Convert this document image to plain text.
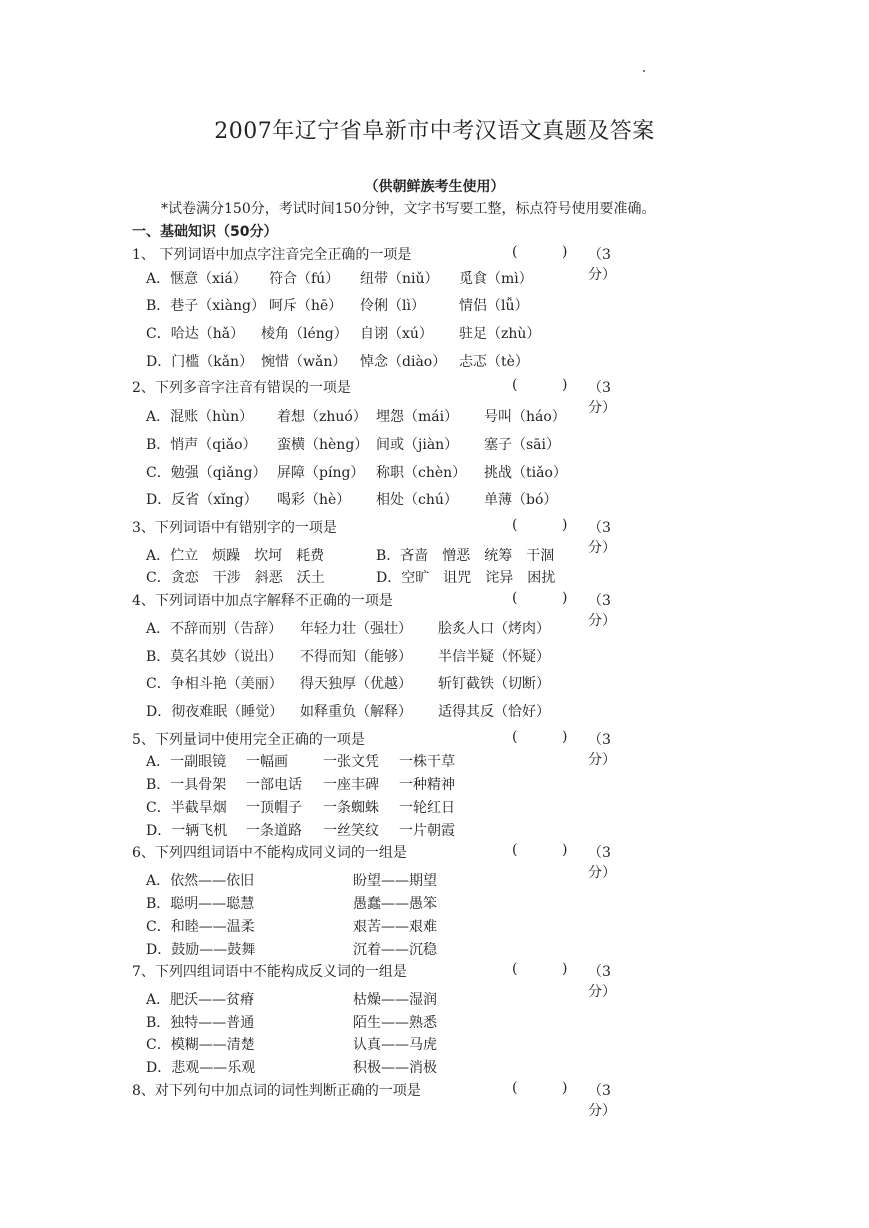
2007年辽宁省阜新市中考汉语文真题及答案
（供朝鲜族考生使用）
*试卷满分150分，考试时间150分钟，文字书写要工整，标点符号使用要准确。
一、基础知识（50分）
1、 下列词语中加点字注音完全正确的一项是	(          ) （3分）
A．惬意（xiá） 符合（fú） 纽带（niǔ） 觅食（mì）
B．巷子（xiàng） 呵斥（hē） 伶俐（lì） 情侣（lǚ）
C．哈达（hǎ） 棱角（léng） 自诩（xú） 驻足（zhù）
D．门槛（kǎn） 惋惜（wǎn） 悼念（diào） 忐忑（tè）
2、下列多音字注音有错误的一项是	(          ) （3分）
A．混账（hùn） 着想（zhuó） 埋怨（mái） 号叫（háo）
B．悄声（qiǎo） 蛮横（hèng） 间或（jiàn） 塞子（sāi）
C．勉强（qiǎng） 屏障（píng） 称职（chèn） 挑战（tiǎo）
D．反省（xǐng） 喝彩（hè） 相处（chú） 单薄（bó）
3、下列词语中有错别字的一项是	(          ) （3分）
A．伫立　烦躁　坎坷　耗费	B．吝啬　憎恶　统筹　干涸
C．贪恋　干涉　斜恶　沃土	D．空旷　诅咒　诧异　困扰
4、下列词语中加点字解释不正确的一项是	(          ) （3分）
A．不辞而别（告辞） 年轻力壮（强壮） 脍炙人口（烤肉）
B．莫名其妙（说出） 不得而知（能够） 半信半疑（怀疑）
C．争相斗艳（美丽） 得天独厚（优越） 斩钉截铁（切断）
D．彻夜难眠（睡觉） 如释重负（解释） 适得其反（恰好）
5、下列量词中使用完全正确的一项是	(          ) （3分）
A．一副眼镜 一幅画	一张文凭 一株干草
B．一具骨架 一部电话 一座丰碑 一种精神
C．半截旱烟 一顶帽子 一条蜘蛛 一轮红日
D．一辆飞机 一条道路 一丝笑纹 一片朝霞
6、下列四组词语中不能构成同义词的一组是	(          ) （3分）
A．依然——依旧	盼望——期望
B．聪明——聪慧	愚蠢——愚笨
C．和睦——温柔	艰苦——艰难
D．鼓励——鼓舞	沉着——沉稳
7、下列四组词语中不能构成反义词的一组是	(          ) （3分）
A．肥沃——贫瘠	枯燥——湿润
B．独特——普通	陌生——熟悉
C．模糊——清楚	认真——马虎
D．悲观——乐观	积极——消极
8、对下列句中加点词的词性判断正确的一项是	(          ) （3分）
